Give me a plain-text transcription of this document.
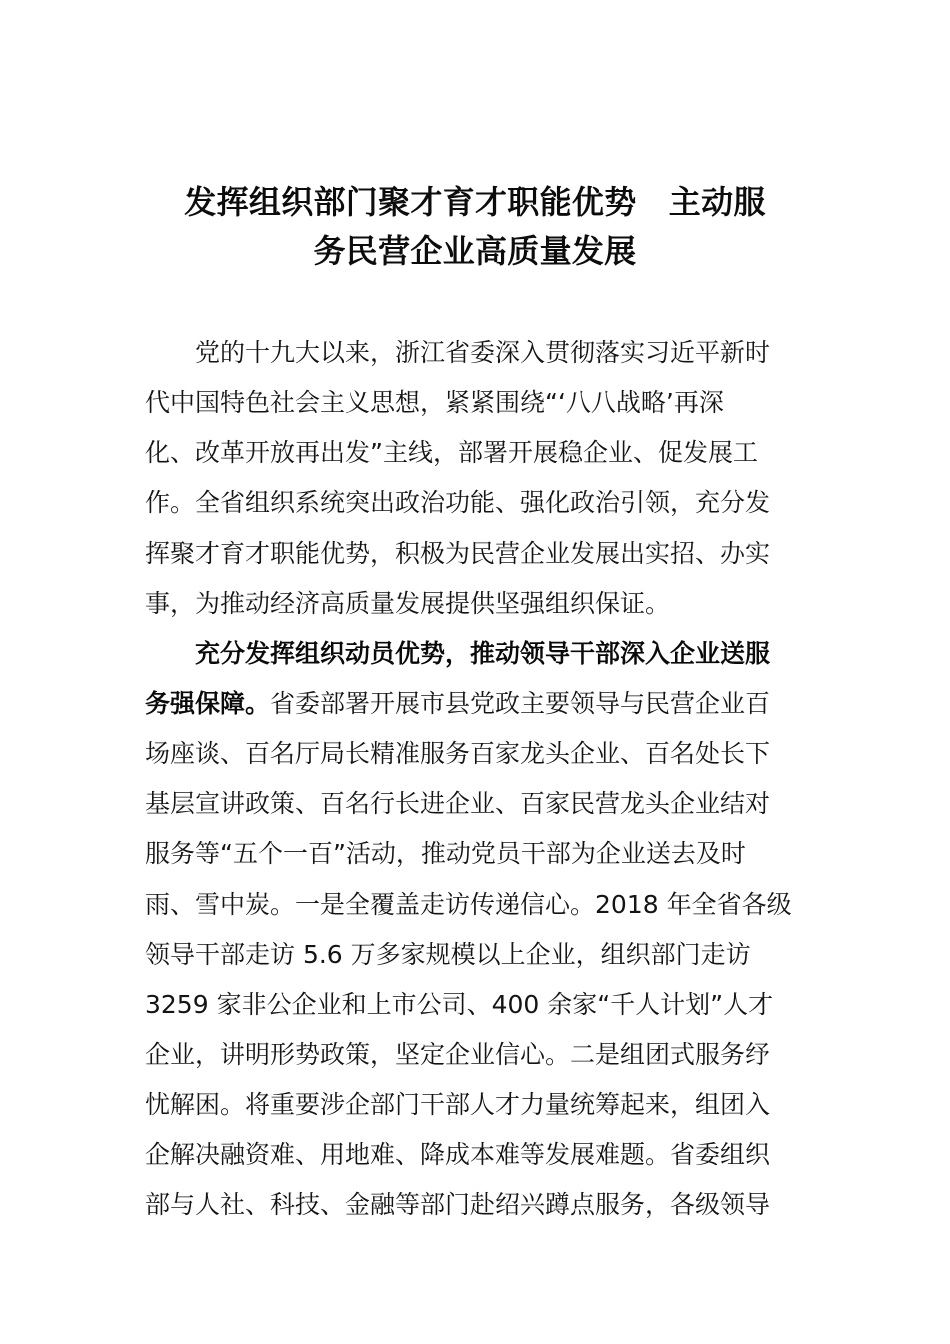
发挥组织部门聚才育才职能优势　主动服
务民营企业高质量发展
党的十九大以来，浙江省委深入贯彻落实习近平新时
代中国特色社会主义思想，紧紧围绕“‘八八战略’再深
化、改革开放再出发”主线，部署开展稳企业、促发展工
作。全省组织系统突出政治功能、强化政治引领，充分发
挥聚才育才职能优势，积极为民营企业发展出实招、办实
事，为推动经济高质量发展提供坚强组织保证。
充分发挥组织动员优势，推动领导干部深入企业送服
务强保障。省委部署开展市县党政主要领导与民营企业百
场座谈、百名厅局长精准服务百家龙头企业、百名处长下
基层宣讲政策、百名行长进企业、百家民营龙头企业结对
服务等“五个一百”活动，推动党员干部为企业送去及时
雨、雪中炭。一是全覆盖走访传递信心。2018 年全省各级
领导干部走访 5.6 万多家规模以上企业，组织部门走访
3259 家非公企业和上市公司、400 余家“千人计划”人才
企业，讲明形势政策，坚定企业信心。二是组团式服务纾
忧解困。将重要涉企部门干部人才力量统筹起来，组团入
企解决融资难、用地难、降成本难等发展难题。省委组织
部与人社、科技、金融等部门赴绍兴蹲点服务，各级领导
